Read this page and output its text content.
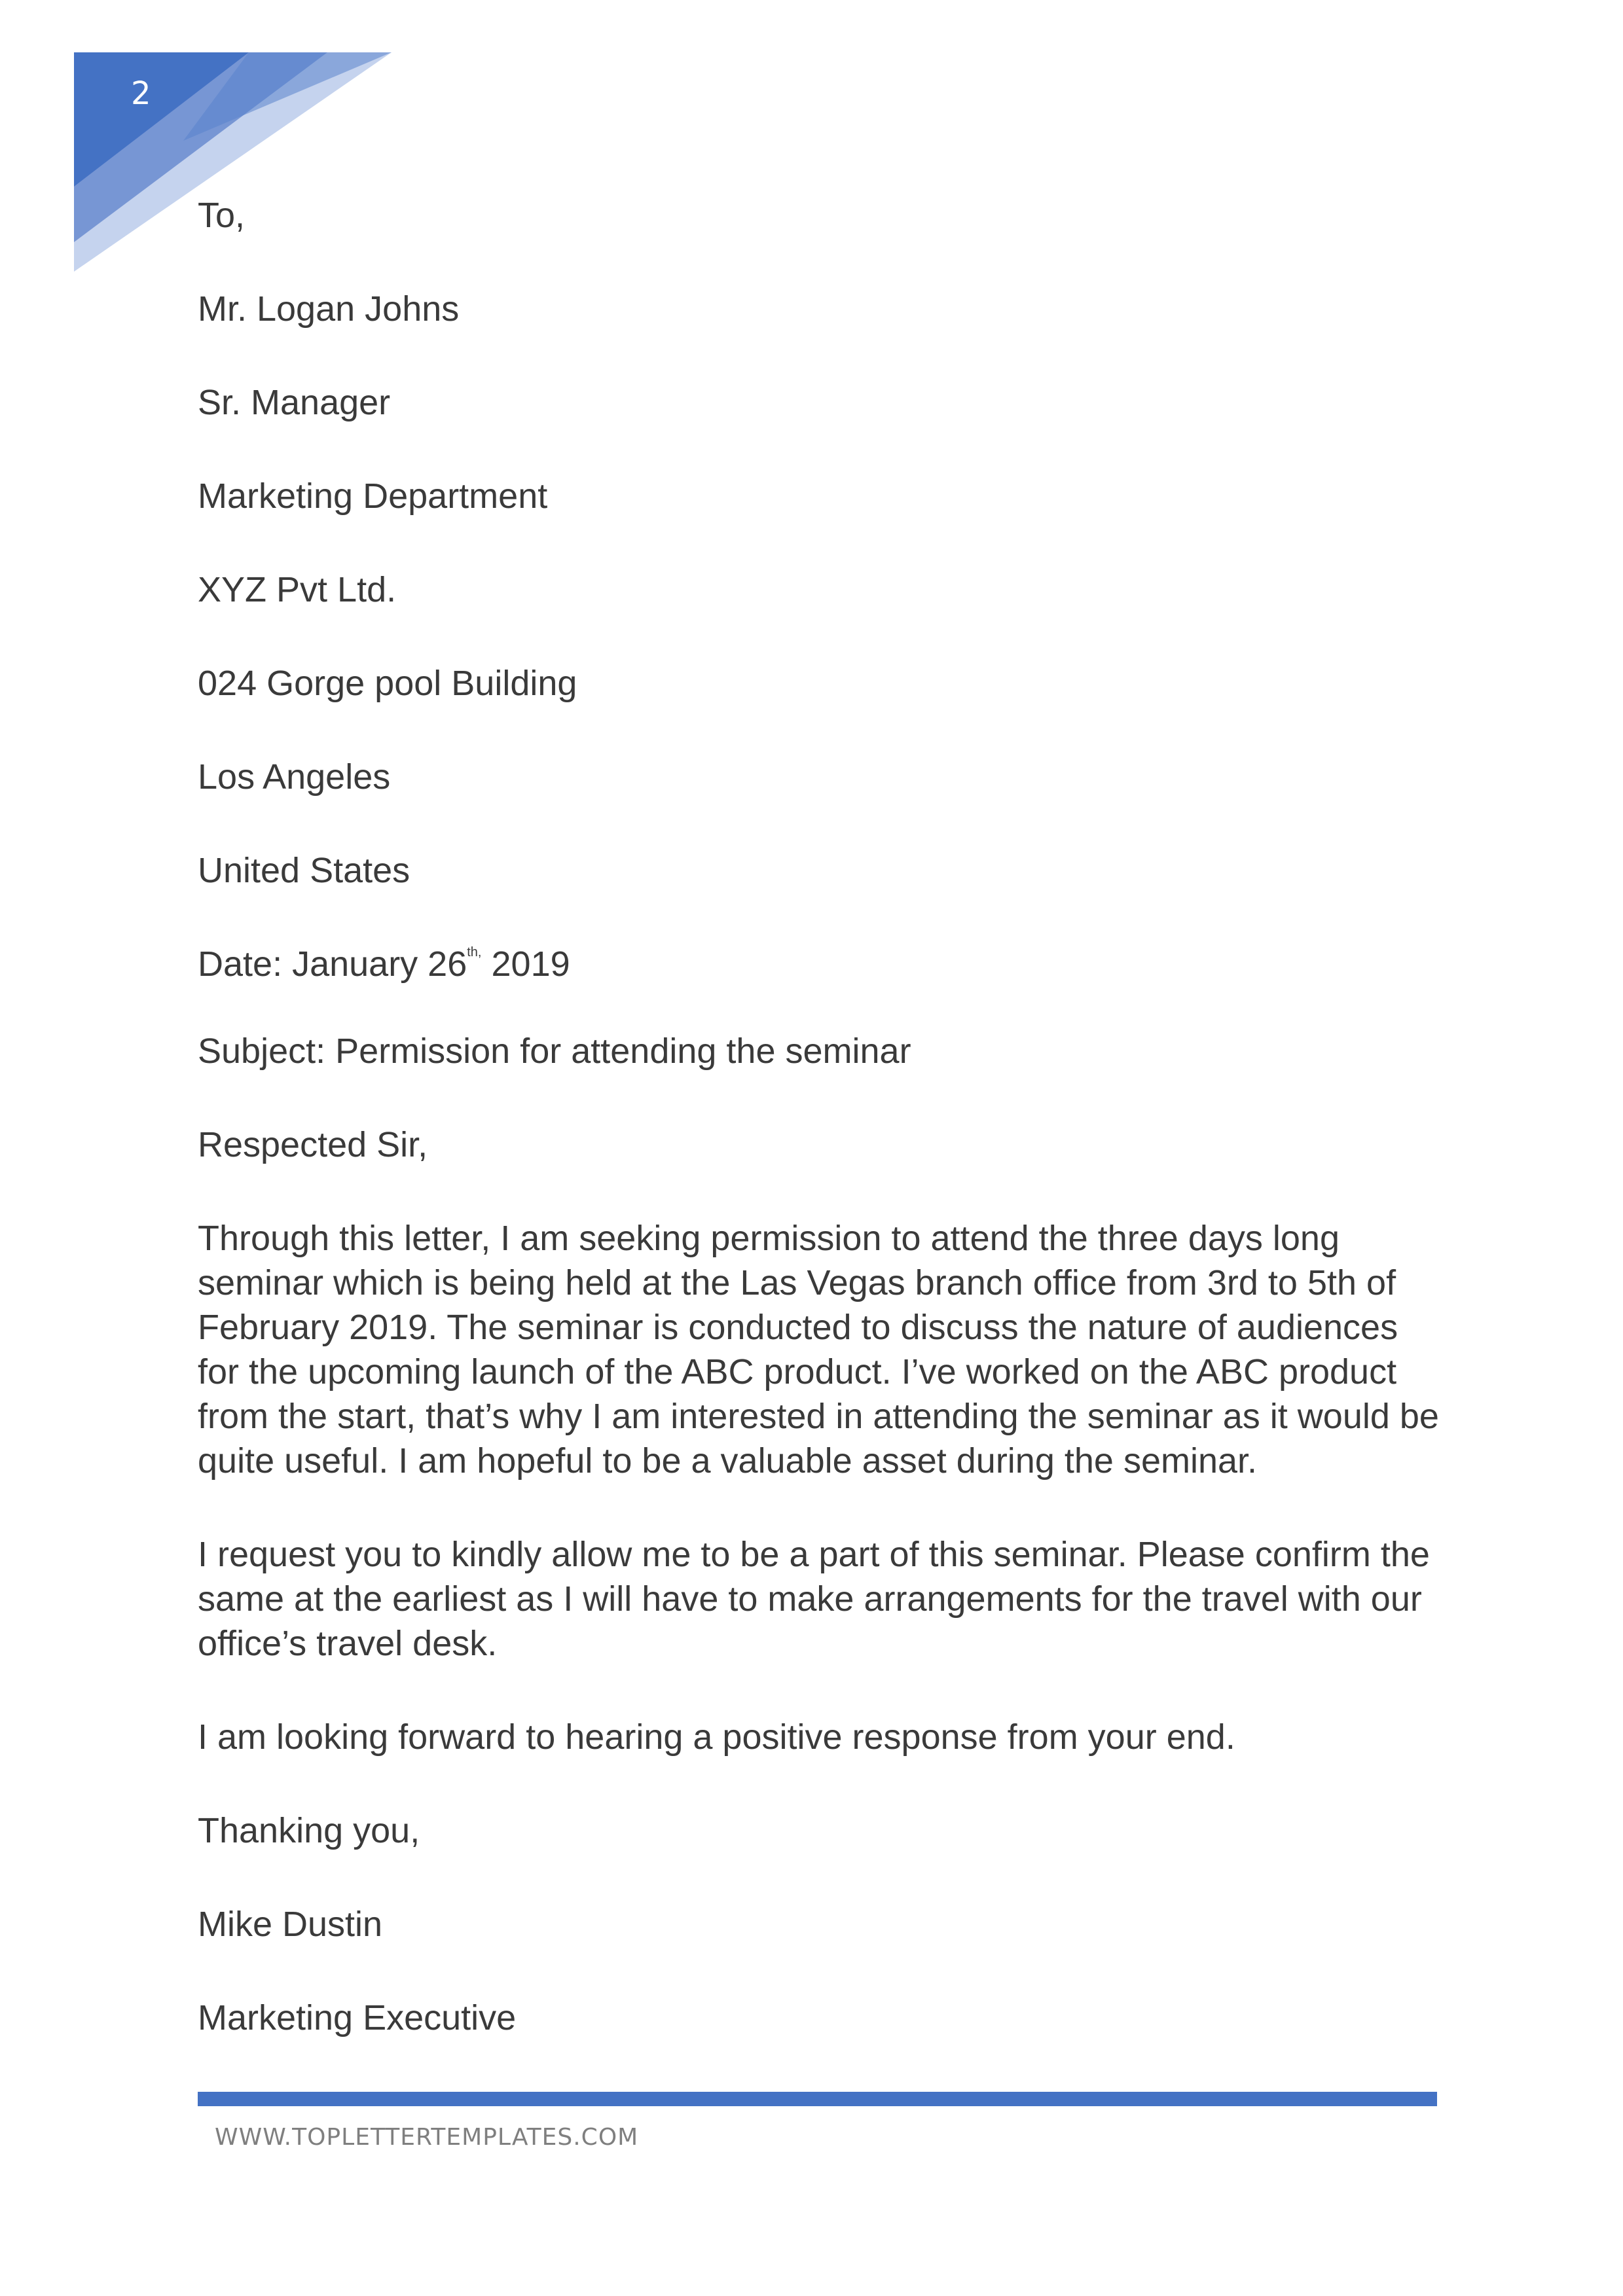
2

To,

Mr. Logan Johns

Sr. Manager

Marketing Department

XYZ Pvt Ltd.

024 Gorge pool Building

Los Angeles

United States

Date: January $26^{th,}$ 2019

Subject: Permission for attending the seminar

Respected Sir,

Through this letter, I am seeking permission to attend the three days long seminar which is being held at the Las Vegas branch office from 3rd to 5th of February 2019. The seminar is conducted to discuss the nature of audiences for the upcoming launch of the ABC product. I’ve worked on the ABC product from the start, that’s why I am interested in attending the seminar as it would be quite useful. I am hopeful to be a valuable asset during the seminar.

I request you to kindly allow me to be a part of this seminar. Please confirm the same at the earliest as I will have to make arrangements for the travel with our office’s travel desk.

I am looking forward to hearing a positive response from your end.

Thanking you,

Mike Dustin

Marketing Executive

WWW.TOPLETTERTEMPLATES.COM
